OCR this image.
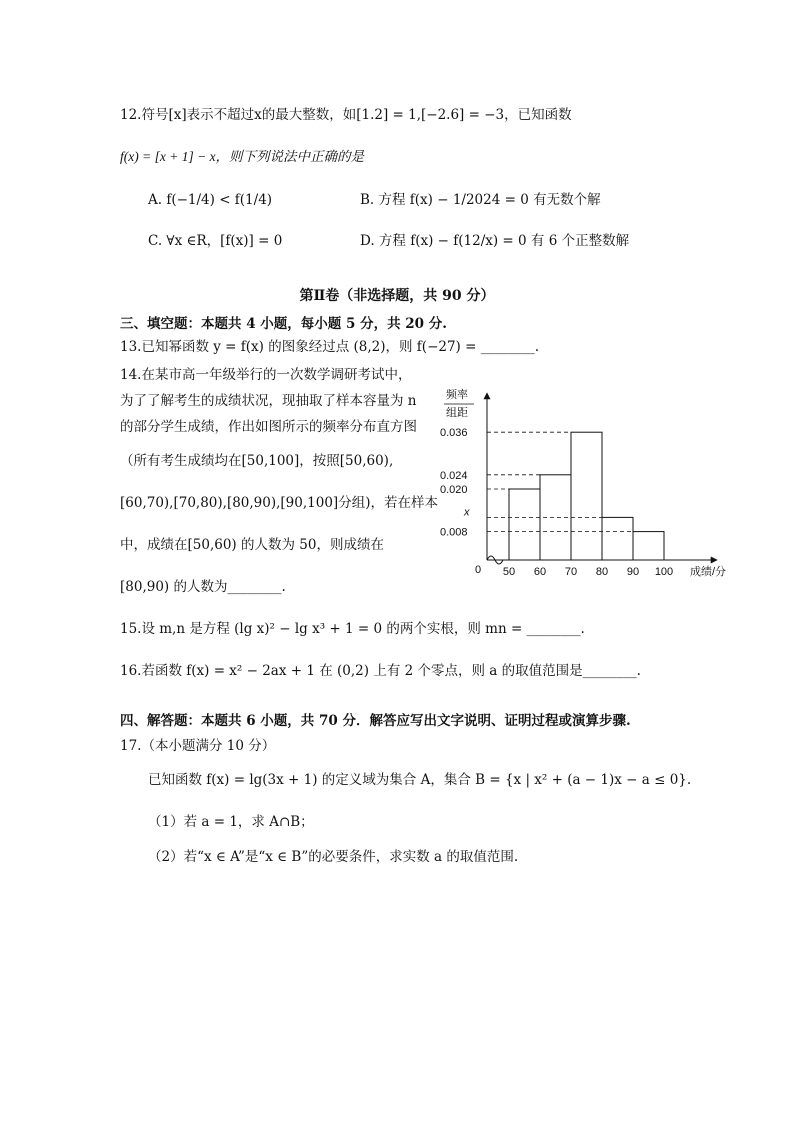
12.符号[x]表示不超过x的最大整数，如[1.2] = 1,[−2.6] = −3，已知函数
f(x) = [x + 1] − x，则下列说法中正确的是
A. f(−1/4) < f(1/4)	B. 方程 f(x) − 1/2024 = 0 有无数个解
C. ∀x ∈R，[f(x)] = 0	D. 方程 f(x) − f(12/x) = 0 有 6 个正整数解
第Ⅱ卷（非选择题，共 90 分）
三、填空题：本题共 4 小题，每小题 5 分，共 20 分.
13.已知幂函数 y = f(x) 的图象经过点 (8,2)，则 f(−27) = ________.
14.在某市高一年级举行的一次数学调研考试中，
为了了解考生的成绩状况，现抽取了样本容量为 n
的部分学生成绩，作出如图所示的频率分布直方图
（所有考生成绩均在[50,100]，按照[50,60),
[60,70),[70,80),[80,90),[90,100]分组)，若在样本
中，成绩在[50,60) 的人数为 50，则成绩在
[80,90) 的人数为________.
频率
组距
0.036
0.024
0.020
x
0.008
50 60 70 80 90 100
0	成绩/分
15.设 m,n 是方程 (lg x)² − lg x³ + 1 = 0 的两个实根，则 mn = ________.
16.若函数 f(x) = x² − 2ax + 1 在 (0,2) 上有 2 个零点，则 a 的取值范围是________.
四、解答题：本题共 6 小题，共 70 分．解答应写出文字说明、证明过程或演算步骤.
17.（本小题满分 10 分）
已知函数 f(x) = lg(3x + 1) 的定义域为集合 A，集合 B = {x | x² + (a − 1)x − a ≤ 0}.
（1）若 a = 1，求 A∩B；
（2）若“x ∈ A”是“x ∈ B”的必要条件，求实数 a 的取值范围.
